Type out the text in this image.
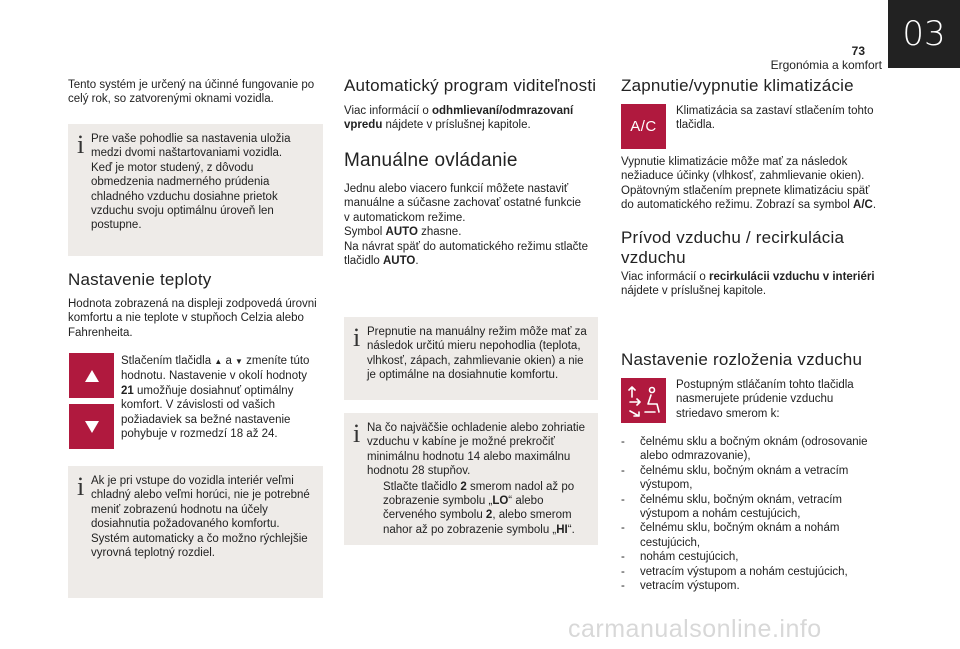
73
Ergonómia a komfort
03

Tento systém je určený na účinné fungovanie po celý rok, so zatvorenými oknami vozidla.

i Pre vaše pohodlie sa nastavenia uložia medzi dvomi naštartovaniami vozidla.
Keď je motor studený, z dôvodu obmedzenia nadmerného prúdenia chladného vzduchu dosiahne prietok vzduchu svoju optimálnu úroveň len postupne.

Nastavenie teploty

Hodnota zobrazená na displeji zodpovedá úrovni komfortu a nie teplote v stupňoch Celzia alebo Fahrenheita.

Stlačením tlačidla ▲ a ▼ zmeníte túto hodnotu. Nastavenie v okolí hodnoty 21 umožňuje dosiahnuť optimálny komfort. V závislosti od vašich požiadaviek sa bežné nastavenie pohybuje v rozmedzí 18 až 24.

i Ak je pri vstupe do vozidla interiér veľmi chladný alebo veľmi horúci, nie je potrebné meniť zobrazenú hodnotu na účely dosiahnutia požadovaného komfortu. Systém automaticky a čo možno rýchlejšie vyrovná teplotný rozdiel.

Automatický program viditeľnosti

Viac informácií o odhmlievaní/odmrazovaní vpredu nájdete v príslušnej kapitole.

Manuálne ovládanie

Jednu alebo viacero funkcií môžete nastaviť manuálne a súčasne zachovať ostatné funkcie v automatickom režime.
Symbol AUTO zhasne.
Na návrat späť do automatického režimu stlačte tlačidlo AUTO.

i Prepnutie na manuálny režim môže mať za následok určitú mieru nepohodlia (teplota, vlhkosť, zápach, zahmlievanie okien) a nie je optimálne na dosiahnutie komfortu.

i Na čo najväčšie ochladenie alebo zohriatie vzduchu v kabíne je možné prekročiť minimálnu hodnotu 14 alebo maximálnu hodnotu 28 stupňov.

Stlačte tlačidlo 2 smerom nadol až po zobrazenie symbolu „LO“ alebo červeného symbolu 2, alebo smerom nahor až po zobrazenie symbolu „HI“.

Zapnutie/vypnutie klimatizácie
A/C

Klimatizácia sa zastaví stlačením tohto tlačidla.

Vypnutie klimatizácie môže mať za následok nežiaduce účinky (vlhkosť, zahmlievanie okien). Opätovným stlačením prepnete klimatizáciu späť do automatického režimu. Zobrazí sa symbol A/C.

Prívod vzduchu / recirkulácia vzduchu

Viac informácií o recirkulácii vzduchu v interiéri nájdete v príslušnej kapitole.

Nastavenie rozloženia vzduchu

Postupným stláčaním tohto tlačidla nasmerujete prúdenie vzduchu striedavo smerom k:

- čelnému sklu a bočným oknám (odrosovanie alebo odmrazovanie),
- čelnému sklu, bočným oknám a vetracím výstupom,
- čelnému sklu, bočným oknám, vetracím výstupom a nohám cestujúcich,
- čelnému sklu, bočným oknám a nohám cestujúcich,
- nohám cestujúcich,
- vetracím výstupom a nohám cestujúcich,
- vetracím výstupom.
carmanualsonline.info
